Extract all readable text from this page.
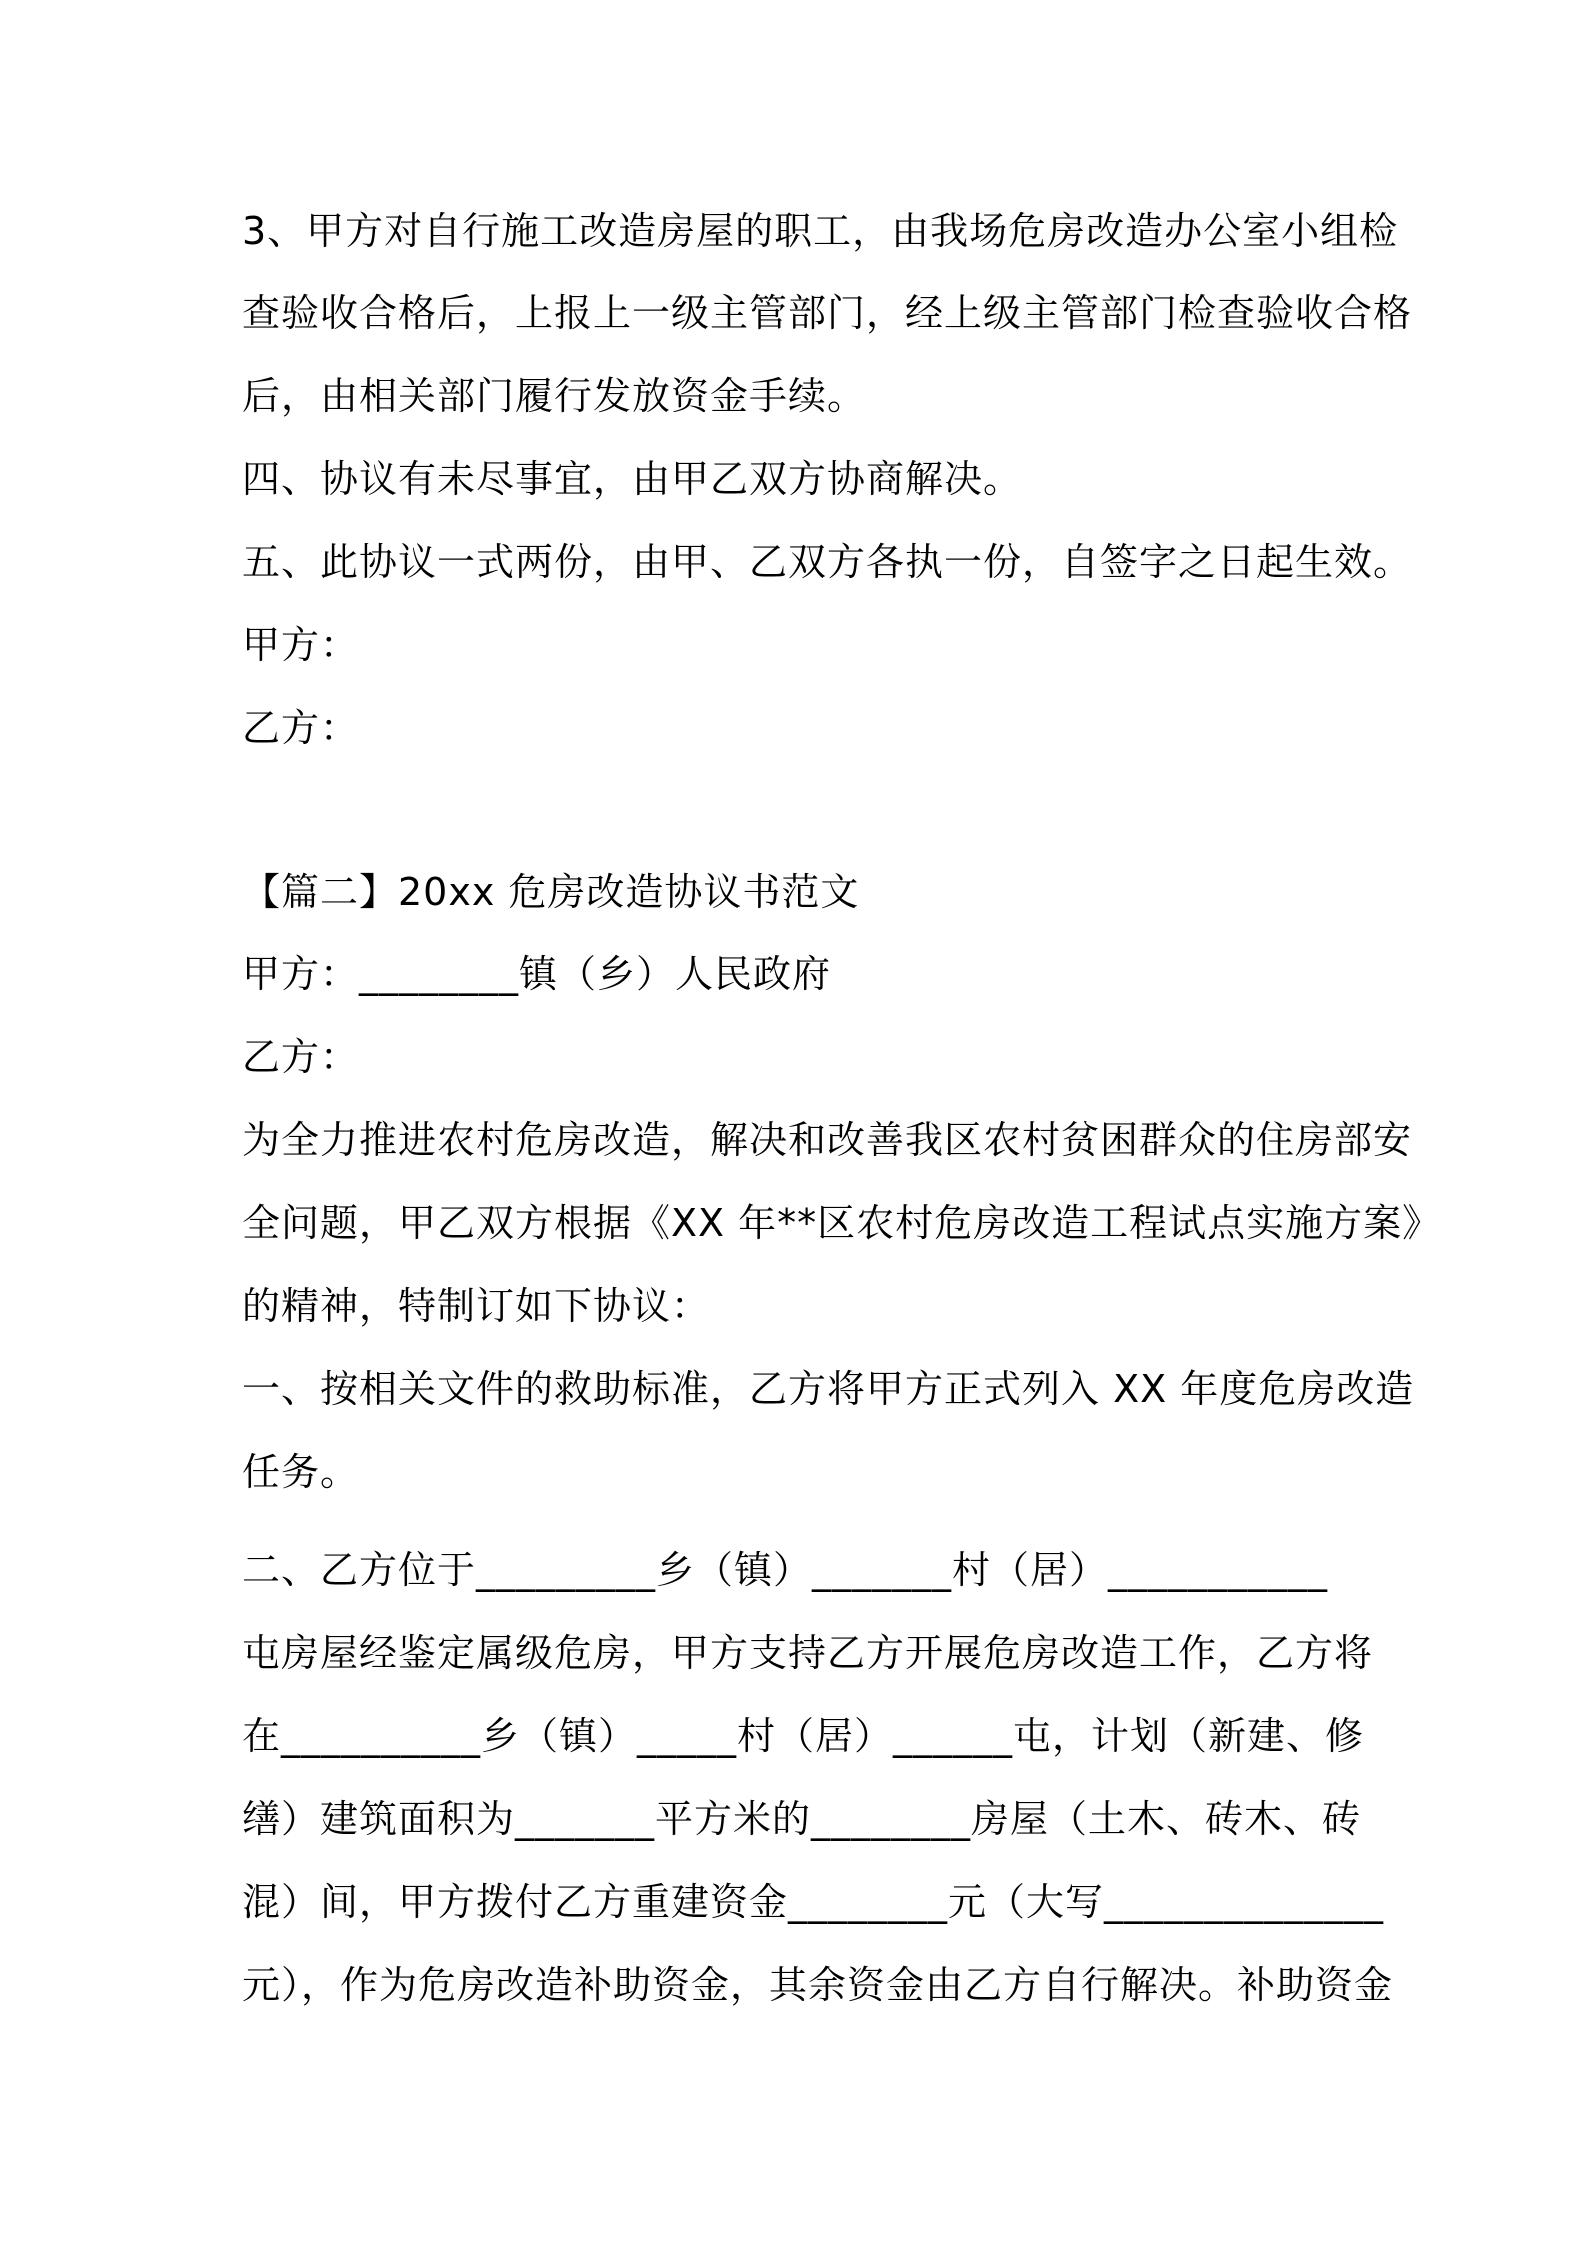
3、甲方对自行施工改造房屋的职工，由我场危房改造办公室小组检
查验收合格后，上报上一级主管部门，经上级主管部门检查验收合格
后，由相关部门履行发放资金手续。
四、协议有未尽事宜，由甲乙双方协商解决。
五、此协议一式两份，由甲、乙双方各执一份，自签字之日起生效。
甲方：
乙方：
【篇二】20xx 危房改造协议书范文
甲方：________镇（乡）人民政府
乙方：
为全力推进农村危房改造，解决和改善我区农村贫困群众的住房部安
全问题，甲乙双方根据《XX 年**区农村危房改造工程试点实施方案》
的精神，特制订如下协议：
一、按相关文件的救助标准，乙方将甲方正式列入 XX 年度危房改造
任务。
二、乙方位于_________乡（镇）_______村（居）___________
屯房屋经鉴定属级危房，甲方支持乙方开展危房改造工作，乙方将
在__________乡（镇）_____村（居）______屯，计划（新建、修
缮）建筑面积为_______平方米的________房屋（土木、砖木、砖
混）间，甲方拨付乙方重建资金________元（大写______________
元），作为危房改造补助资金，其余资金由乙方自行解决。补助资金
